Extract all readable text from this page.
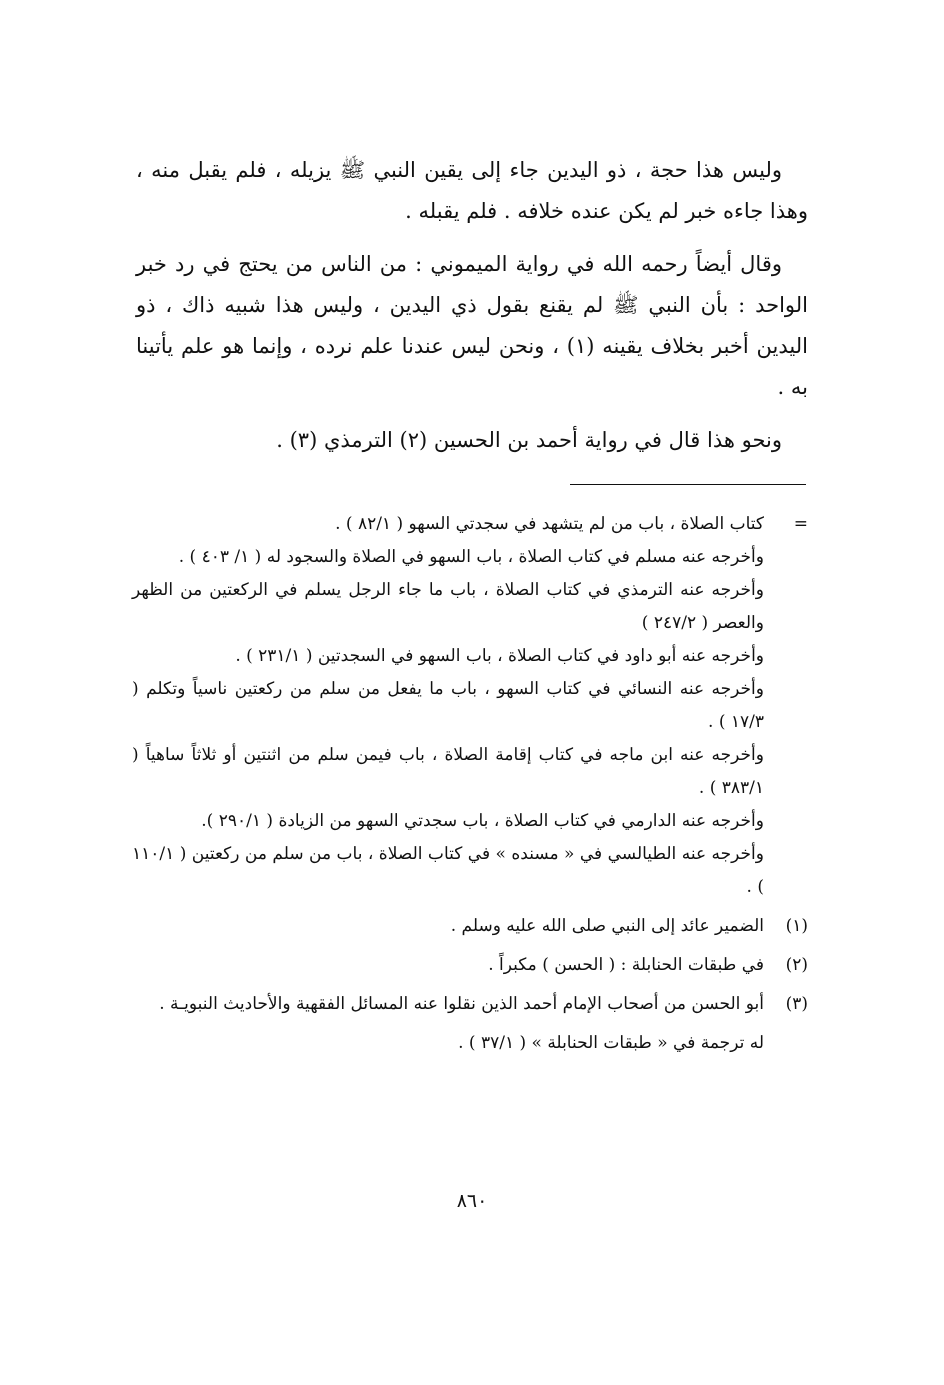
وليس هذا حجة ، ذو اليدين جاء إلى يقين النبي ﷺ يزيله ، فلم يقبل منه ، وهذا جاءه خبر لم يكن عنده خلافه . فلم يقبله .

وقال أيضاً رحمه الله في رواية الميموني : من الناس من يحتج في رد خبر الواحد : بأن النبي ﷺ لم يقنع بقول ذي اليدين ، وليس هذا شبيه ذاك ، ذو اليدين أخبر بخلاف يقينه (١) ، ونحن ليس عندنا علم نرده ، وإنما هو علم يأتينا به .

ونحو هذا قال في رواية أحمد بن الحسين (٢) الترمذي (٣) .

=
كتاب الصلاة ، باب من لم يتشهد في سجدتي السهو ( ٨٢/١ ) .
وأخرجه عنه مسلم في كتاب الصلاة ، باب السهو في الصلاة والسجود له ( ١/ ٤٠٣ ) .
وأخرجه عنه الترمذي في كتاب الصلاة ، باب ما جاء الرجل يسلم في الركعتين من الظهر والعصر ( ٢٤٧/٢ )
وأخرجه عنه أبو داود في كتاب الصلاة ، باب السهو في السجدتين ( ٢٣١/١ ) .
وأخرجه عنه النسائي في كتاب السهو ، باب ما يفعل من سلم من ركعتين ناسياً وتكلم ( ١٧/٣ ) .
وأخرجه عنه ابن ماجه في كتاب إقامة الصلاة ، باب فيمن سلم من اثنتين أو ثلاثاً ساهياً ( ٣٨٣/١ ) .
وأخرجه عنه الدارمي في كتاب الصلاة ، باب سجدتي السهو من الزيادة ( ٢٩٠/١ ).
وأخرجه عنه الطيالسي في « مسنده » في كتاب الصلاة ، باب من سلم من ركعتين ( ١١٠/١ ) .
(١)
الضمير عائد إلى النبي صلى الله عليه وسلم .
(٢)
في طبقات الحنابلة : ( الحسن ) مكبراً .
(٣)
أبو الحسن من أصحاب الإمام أحمد الذين نقلوا عنه المسائل الفقهية والأحاديث النبويـة .
له ترجمة في « طبقات الحنابلة » ( ٣٧/١ ) .
٨٦٠
